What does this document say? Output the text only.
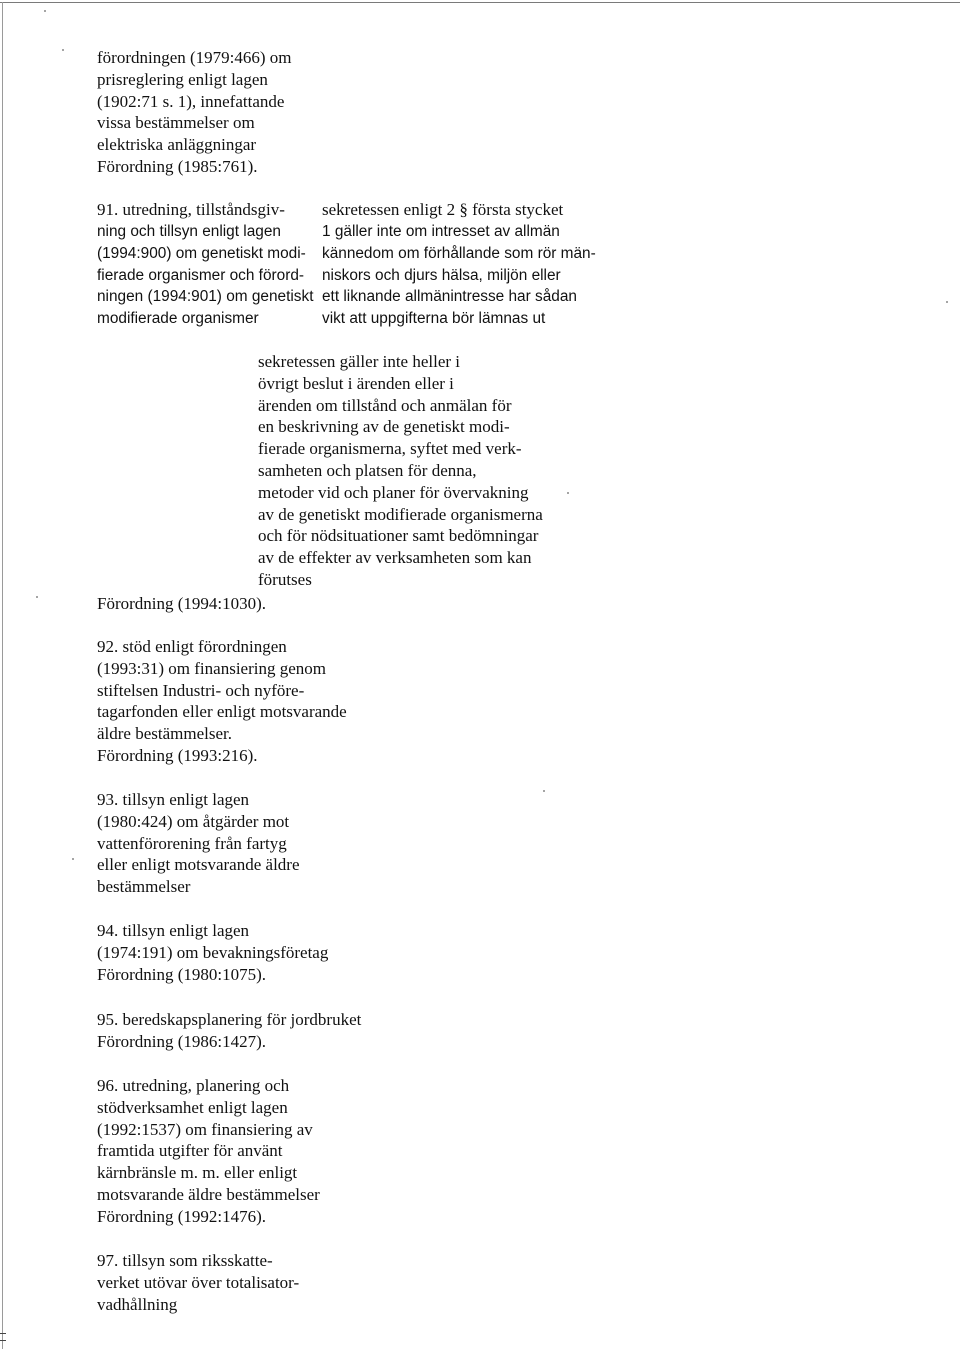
förordningen (1979:466) om
prisreglering enligt lagen
(1902:71 s. 1), innefattande
vissa bestämmelser om
elektriska anläggningar
Förordning (1985:761).
91. utredning, tillståndsgiv-
ning och tillsyn enligt lagen
(1994:900) om genetiskt modi-
fierade organismer och förord-
ningen (1994:901) om genetiskt
modifierade organismer
sekretessen enligt 2 § första stycket
1 gäller inte om intresset av allmän
kännedom om förhållande som rör män-
niskors och djurs hälsa, miljön eller
ett liknande allmänintresse har sådan
vikt att uppgifterna bör lämnas ut
sekretessen gäller inte heller i
övrigt beslut i ärenden eller i
ärenden om tillstånd och anmälan för
en beskrivning av de genetiskt modi-
fierade organismerna, syftet med verk-
samheten och platsen för denna,
metoder vid och planer för övervakning
av de genetiskt modifierade organismerna
och för nödsituationer samt bedömningar
av de effekter av verksamheten som kan
förutses
Förordning (1994:1030).
92. stöd enligt förordningen
(1993:31) om finansiering genom
stiftelsen Industri- och nyföre-
tagarfonden eller enligt motsvarande
äldre bestämmelser.
Förordning (1993:216).
93. tillsyn enligt lagen
(1980:424) om åtgärder mot
vattenförorening från fartyg
eller enligt motsvarande äldre
bestämmelser
94. tillsyn enligt lagen
(1974:191) om bevakningsföretag
Förordning (1980:1075).
95. beredskapsplanering för jordbruket
Förordning (1986:1427).
96. utredning, planering och
stödverksamhet enligt lagen
(1992:1537) om finansiering av
framtida utgifter för använt
kärnbränsle m. m. eller enligt
motsvarande äldre bestämmelser
Förordning (1992:1476).
97. tillsyn som riksskatte-
verket utövar över totalisator-
vadhållning
